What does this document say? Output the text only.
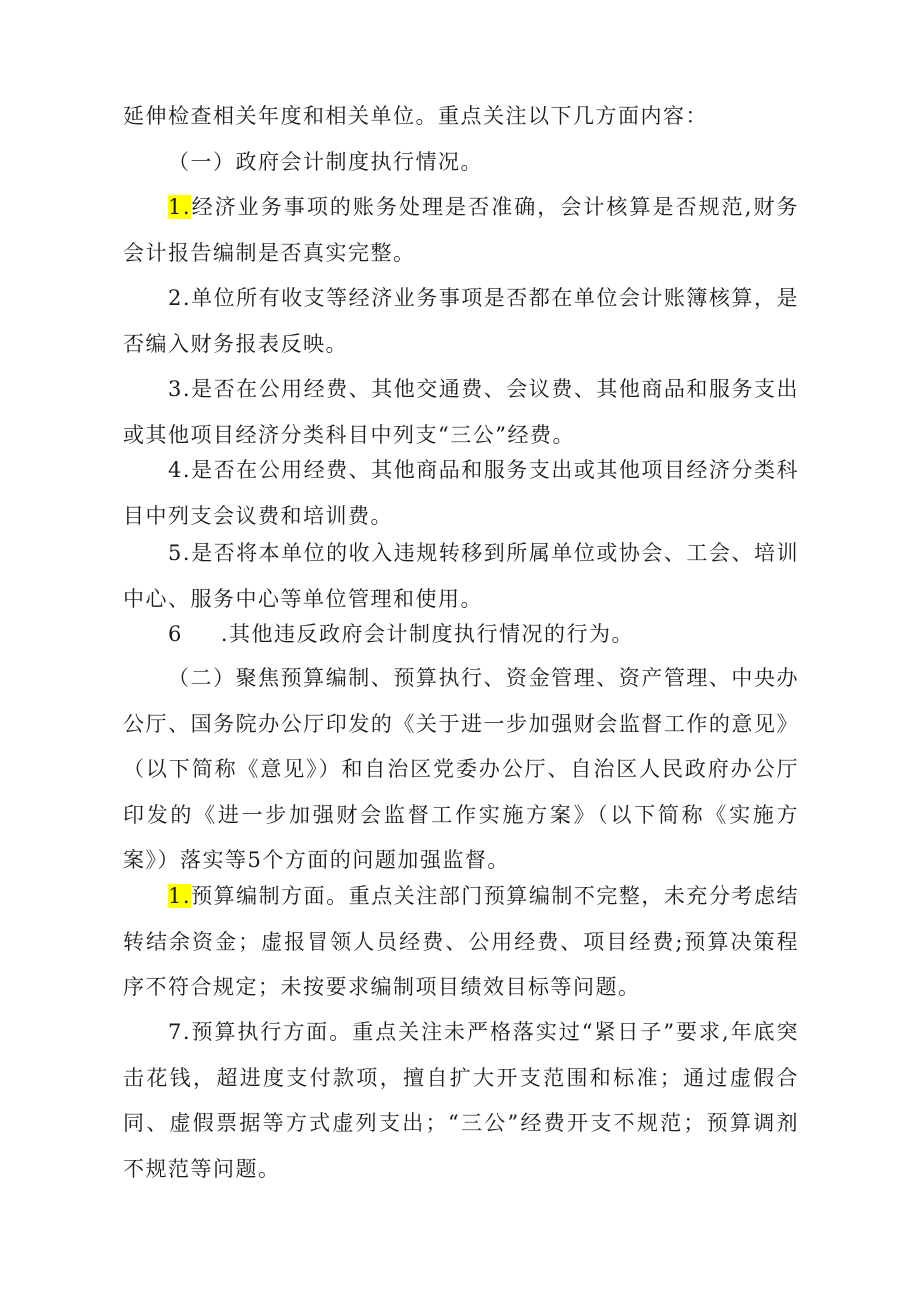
延伸检查相关年度和相关单位。重点关注以下几方面内容：

（一）政府会计制度执行情况。

1.经济业务事项的账务处理是否准确，会计核算是否规范,财务会计报告编制是否真实完整。

2.单位所有收支等经济业务事项是否都在单位会计账簿核算，是否编入财务报表反映。

3.是否在公用经费、其他交通费、会议费、其他商品和服务支出或其他项目经济分类科目中列支“三公”经费。

4.是否在公用经费、其他商品和服务支出或其他项目经济分类科目中列支会议费和培训费。

5.是否将本单位的收入违规转移到所属单位或协会、工会、培训中心、服务中心等单位管理和使用。

6 .其他违反政府会计制度执行情况的行为。

（二）聚焦预算编制、预算执行、资金管理、资产管理、中央办公厅、国务院办公厅印发的《关于进一步加强财会监督工作的意见》（以下简称《意见》）和自治区党委办公厅、自治区人民政府办公厅印发的《进一步加强财会监督工作实施方案》（以下简称《实施方案》）落实等5个方面的问题加强监督。

1.预算编制方面。重点关注部门预算编制不完整，未充分考虑结转结余资金；虚报冒领人员经费、公用经费、项目经费;预算决策程序不符合规定；未按要求编制项目绩效目标等问题。

7.预算执行方面。重点关注未严格落实过“紧日子”要求,年底突击花钱，超进度支付款项，擅自扩大开支范围和标准；通过虚假合同、虚假票据等方式虚列支出；“三公”经费开支不规范；预算调剂不规范等问题。
